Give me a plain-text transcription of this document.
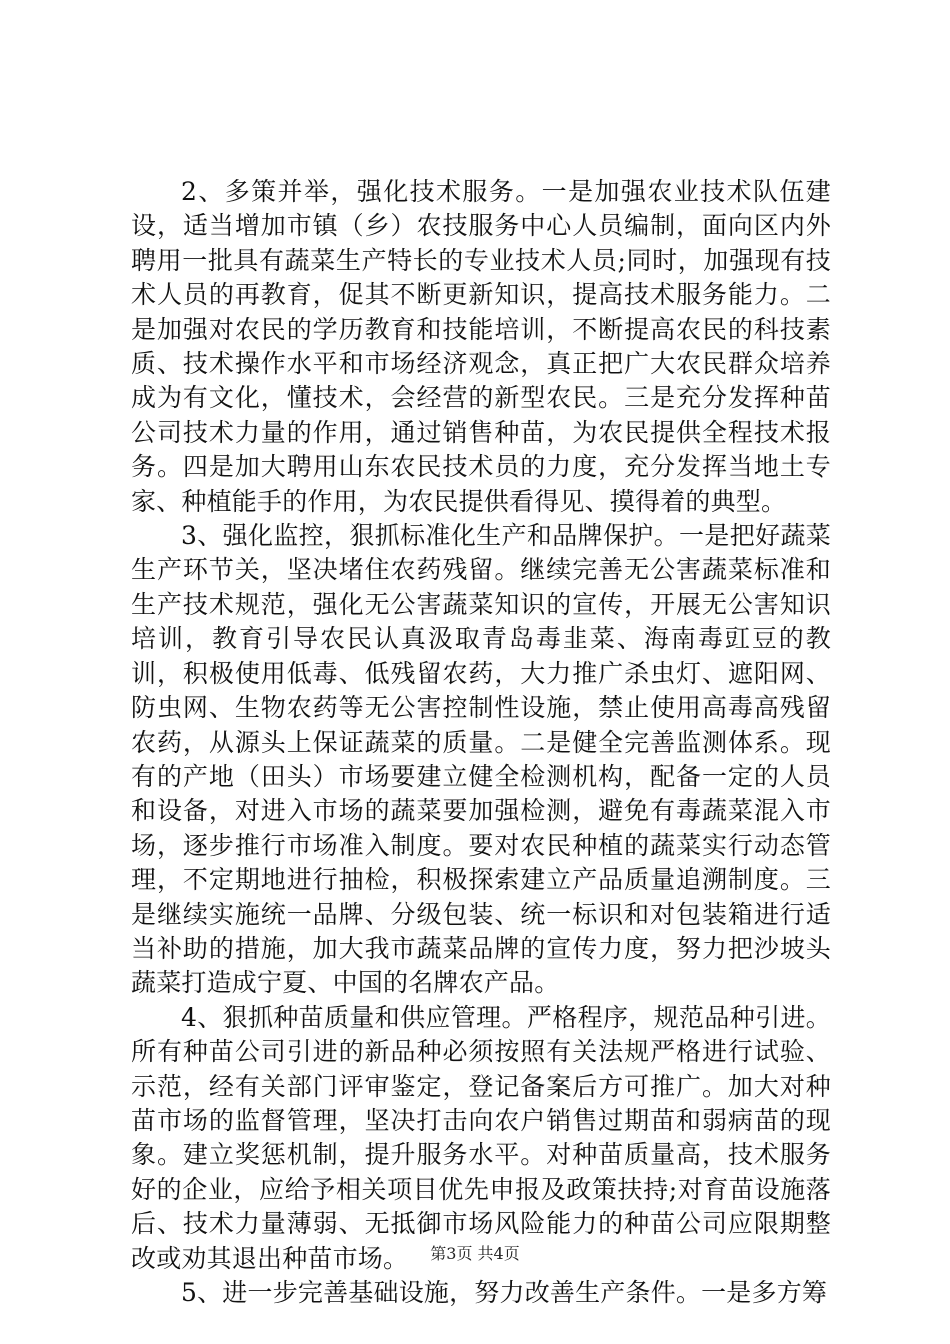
2、多策并举，强化技术服务。一是加强农业技术队伍建设，适当增加市镇（乡）农技服务中心人员编制，面向区内外聘用一批具有蔬菜生产特长的专业技术人员;同时，加强现有技术人员的再教育，促其不断更新知识，提高技术服务能力。二是加强对农民的学历教育和技能培训，不断提高农民的科技素质、技术操作水平和市场经济观念，真正把广大农民群众培养成为有文化，懂技术，会经营的新型农民。三是充分发挥种苗公司技术力量的作用，通过销售种苗，为农民提供全程技术报务。四是加大聘用山东农民技术员的力度，充分发挥当地土专家、种植能手的作用，为农民提供看得见、摸得着的典型。

3、强化监控，狠抓标准化生产和品牌保护。一是把好蔬菜生产环节关，坚决堵住农药残留。继续完善无公害蔬菜标准和生产技术规范，强化无公害蔬菜知识的宣传，开展无公害知识培训，教育引导农民认真汲取青岛毒韭菜、海南毒豇豆的教训，积极使用低毒、低残留农药，大力推广杀虫灯、遮阳网、防虫网、生物农药等无公害控制性设施，禁止使用高毒高残留农药，从源头上保证蔬菜的质量。二是健全完善监测体系。现有的产地（田头）市场要建立健全检测机构，配备一定的人员和设备，对进入市场的蔬菜要加强检测，避免有毒蔬菜混入市场，逐步推行市场准入制度。要对农民种植的蔬菜实行动态管理，不定期地进行抽检，积极探索建立产品质量追溯制度。三是继续实施统一品牌、分级包装、统一标识和对包装箱进行适当补助的措施，加大我市蔬菜品牌的宣传力度，努力把沙坡头蔬菜打造成宁夏、中国的名牌农产品。

4、狠抓种苗质量和供应管理。严格程序，规范品种引进。所有种苗公司引进的新品种必须按照有关法规严格进行试验、示范，经有关部门评审鉴定，登记备案后方可推广。加大对种苗市场的监督管理，坚决打击向农户销售过期苗和弱病苗的现象。建立奖惩机制，提升服务水平。对种苗质量高，技术服务好的企业，应给予相关项目优先申报及政策扶持;对育苗设施落后、技术力量薄弱、无抵御市场风险能力的种苗公司应限期整改或劝其退出种苗市场。

5、进一步完善基础设施，努力改善生产条件。一是多方筹

第3页 共4页
